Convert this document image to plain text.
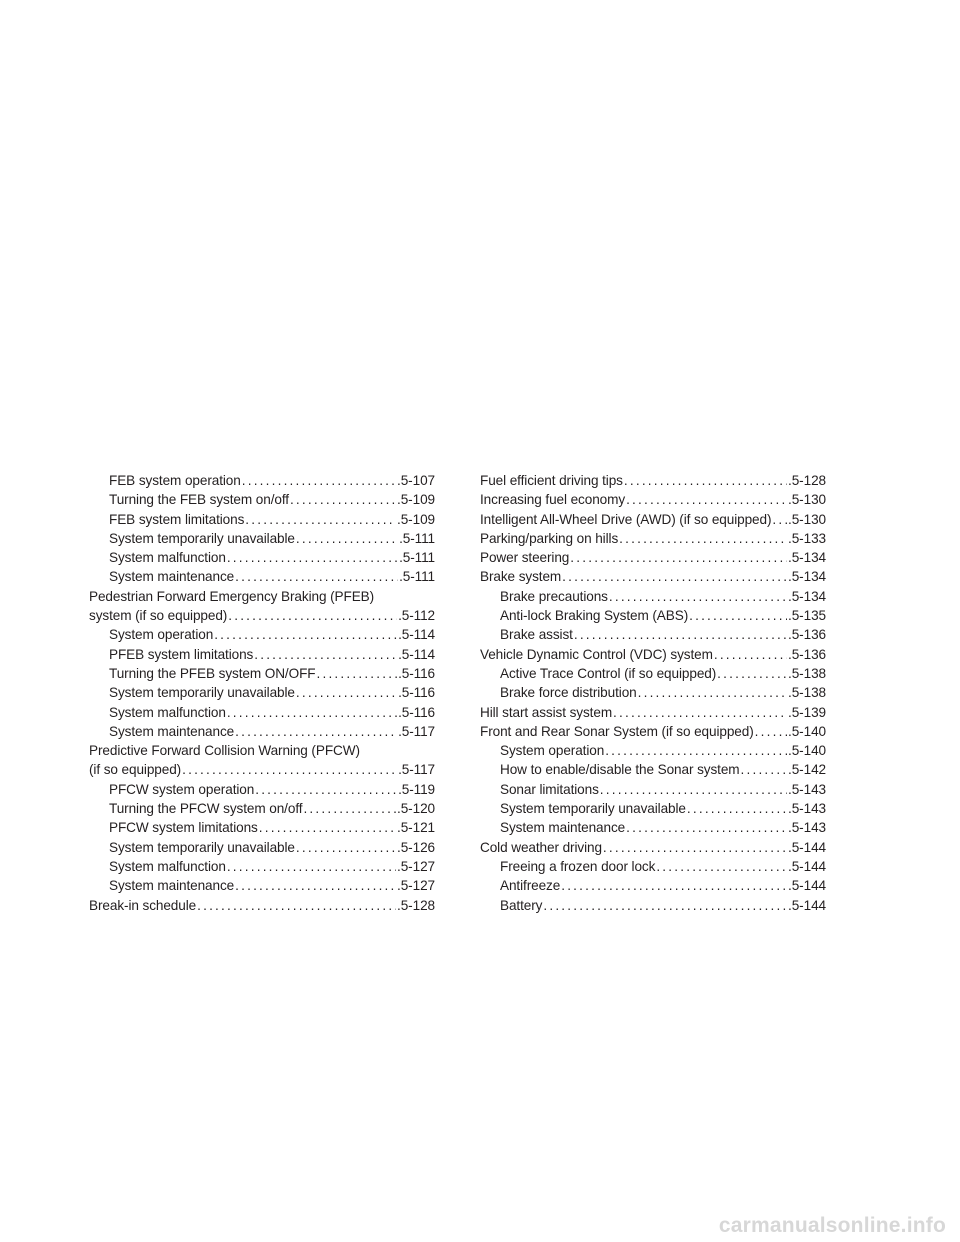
FEB system operation .....	.5-107
Turning the FEB system on/off .....	.5-109
FEB system limitations .....	.5-109
System temporarily unavailable .....	.5-111
System malfunction .....	.5-111
System maintenance .....	.5-111
Pedestrian Forward Emergency Braking (PFEB)
system (if so equipped) .....	.5-112
System operation .....	.5-114
PFEB system limitations .....	.5-114
Turning the PFEB system ON/OFF .....	.5-116
System temporarily unavailable .....	.5-116
System malfunction .....	.5-116
System maintenance .....	.5-117
Predictive Forward Collision Warning (PFCW)
(if so equipped) .....	.5-117
PFCW system operation .....	.5-119
Turning the PFCW system on/off .....	.5-120
PFCW system limitations .....	.5-121
System temporarily unavailable .....	.5-126
System malfunction .....	.5-127
System maintenance .....	.5-127
Break-in schedule .....	.5-128
Fuel efficient driving tips .....	.5-128
Increasing fuel economy .....	.5-130
Intelligent All-Wheel Drive (AWD) (if so equipped) ..... .5-130
Parking/parking on hills .....	.5-133
Power steering .....	.5-134
Brake system .....	.5-134
Brake precautions .....	.5-134
Anti-lock Braking System (ABS) .....	.5-135
Brake assist .....	.5-136
Vehicle Dynamic Control (VDC) system .....	.5-136
Active Trace Control (if so equipped) .....	.5-138
Brake force distribution .....	.5-138
Hill start assist system .....	.5-139
Front and Rear Sonar System (if so equipped) .....	.5-140
System operation .....	.5-140
How to enable/disable the Sonar system .....	.5-142
Sonar limitations .....	.5-143
System temporarily unavailable .....	.5-143
System maintenance .....	.5-143
Cold weather driving .....	.5-144
Freeing a frozen door lock .....	.5-144
Antifreeze .....	.5-144
Battery .....	.5-144
carmanualsonline.info
